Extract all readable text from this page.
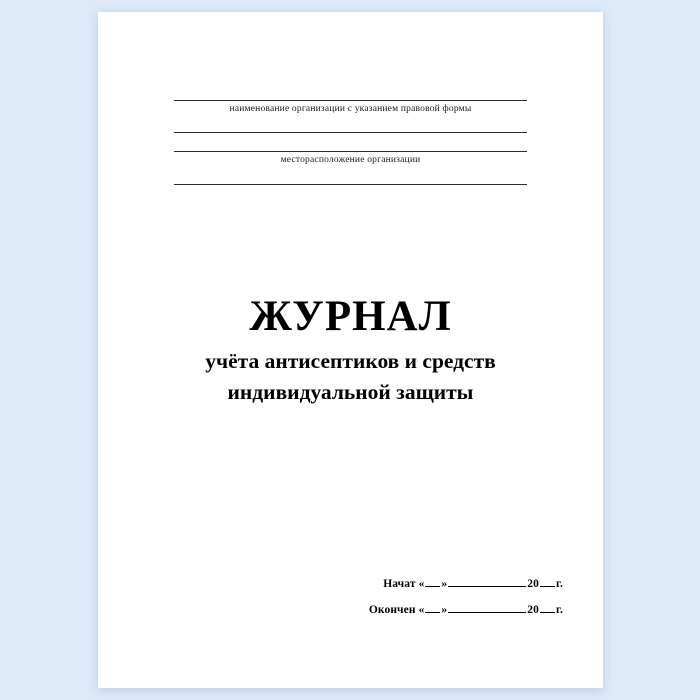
наименование организации с указанием правовой формы
месторасположение организации
ЖУРНАЛ
учёта антисептиков и средств
индивидуальной защиты
Начат « »	20 г.
Окончен « »	20 г.
